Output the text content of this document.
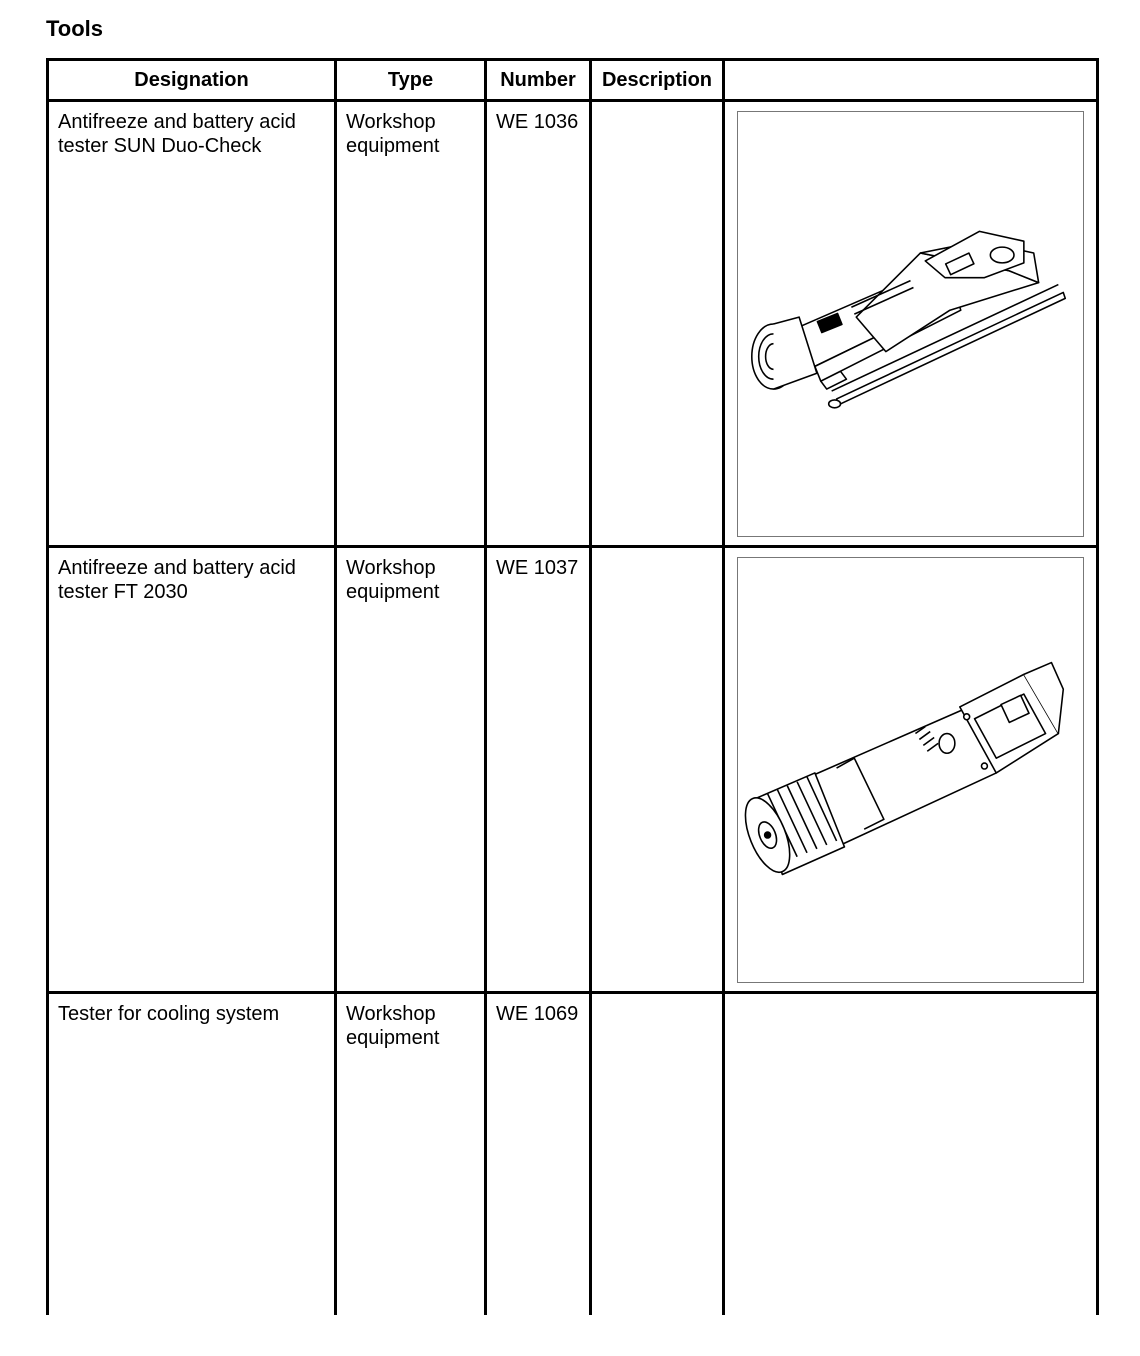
Tools
Designation	Type	Number	Description	

Antifreeze and battery acid tester SUN Duo-Check	Workshop equipment	WE 1036

Antifreeze and battery acid tester FT 2030	Workshop equipment	WE 1037

Tester for cooling system	Workshop equipment	WE 1069		
